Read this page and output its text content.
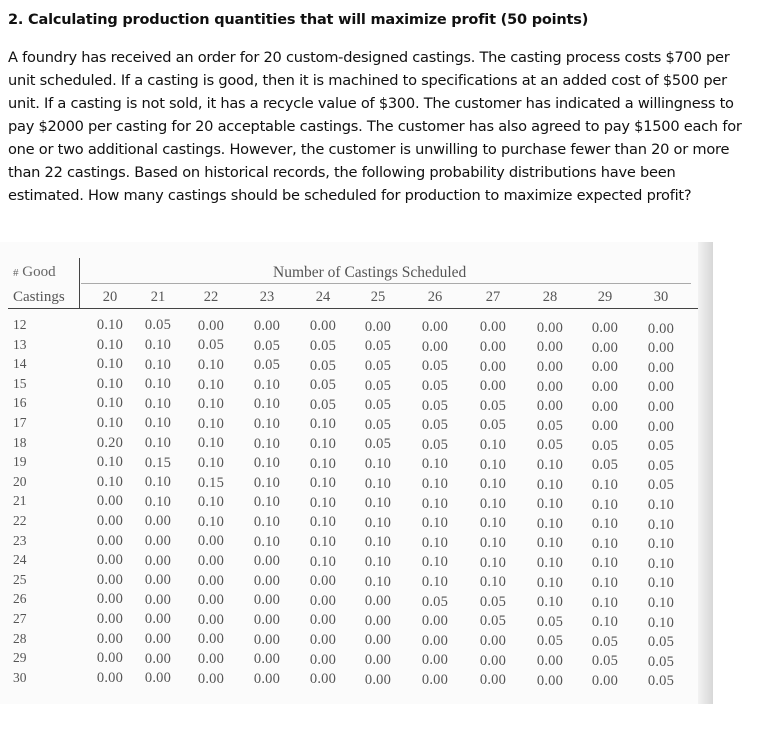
2. Calculating production quantities that will maximize profit (50 points)

A foundry has received an order for 20 custom-designed castings. The casting process costs $700 per
unit scheduled. If a casting is good, then it is machined to specifications at an added cost of $500 per
unit. If a casting is not sold, it has a recycle value of $300. The customer has indicated a willingness to
pay $2000 per casting for 20 acceptable castings. The customer has also agreed to pay $1500 each for
one or two additional castings. However, the customer is unwilling to purchase fewer than 20 or more
than 22 castings. Based on historical records, the following probability distributions have been
estimated. How many castings should be scheduled for production to maximize expected profit?

# Good
Castings
Number of Castings Scheduled
20 21	22	23	24	25	26	27	28	29	30
12	0.10 0.05 0.00 0.00 0.00 0.00 0.00 0.00 0.00 0.00 0.00
13	0.10 0.10 0.05 0.05 0.05 0.05 0.00 0.00 0.00 0.00 0.00
14	0.10 0.10 0.10 0.05 0.05 0.05 0.05 0.00 0.00 0.00 0.00
15	0.10 0.10 0.10 0.10 0.05 0.05 0.05 0.00 0.00 0.00 0.00
16	0.10 0.10 0.10 0.10 0.05 0.05 0.05 0.05 0.00 0.00 0.00
17	0.10 0.10 0.10 0.10 0.10 0.05 0.05 0.05 0.05 0.00 0.00
18	0.20 0.10 0.10 0.10 0.10 0.05 0.05 0.10 0.05 0.05 0.05
19	0.10 0.15 0.10 0.10 0.10 0.10 0.10 0.10 0.10 0.05 0.05
20	0.10 0.10 0.15 0.10 0.10 0.10 0.10 0.10 0.10 0.10 0.05
21	0.00 0.10 0.10 0.10 0.10 0.10 0.10 0.10 0.10 0.10 0.10
22	0.00 0.00 0.10 0.10 0.10 0.10 0.10 0.10 0.10 0.10 0.10
23	0.00 0.00 0.00 0.10 0.10 0.10 0.10 0.10 0.10 0.10 0.10
24	0.00 0.00 0.00 0.00 0.10 0.10 0.10 0.10 0.10 0.10 0.10
25	0.00 0.00 0.00 0.00 0.00 0.10 0.10 0.10 0.10 0.10 0.10
26	0.00 0.00 0.00 0.00 0.00 0.00 0.05 0.05 0.10 0.10 0.10
27	0.00 0.00 0.00 0.00 0.00 0.00 0.00 0.05 0.05 0.10 0.10
28	0.00 0.00 0.00 0.00 0.00 0.00 0.00 0.00 0.05 0.05 0.05
29	0.00 0.00 0.00 0.00 0.00 0.00 0.00 0.00 0.00 0.05 0.05
30	0.00 0.00 0.00 0.00 0.00 0.00 0.00 0.00 0.00 0.00 0.05
